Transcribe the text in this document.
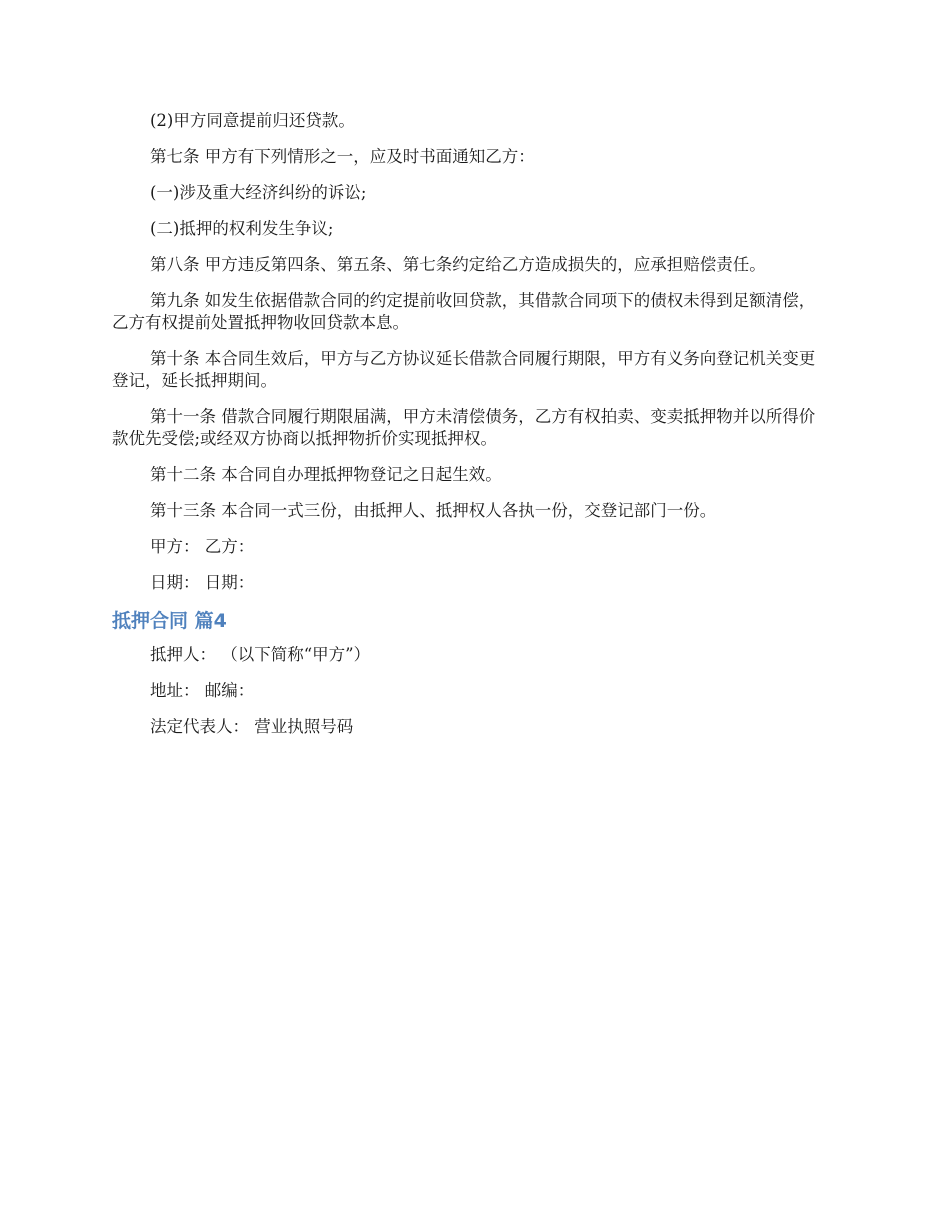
(2)甲方同意提前归还贷款。

第七条 甲方有下列情形之一，应及时书面通知乙方：

(一)涉及重大经济纠纷的诉讼;

(二)抵押的权利发生争议;

第八条 甲方违反第四条、第五条、第七条约定给乙方造成损失的，应承担赔偿责任。

第九条 如发生依据借款合同的约定提前收回贷款，其借款合同项下的债权未得到足额清偿，乙方有权提前处置抵押物收回贷款本息。

第十条 本合同生效后，甲方与乙方协议延长借款合同履行期限，甲方有义务向登记机关变更登记，延长抵押期间。

第十一条 借款合同履行期限届满，甲方未清偿债务，乙方有权拍卖、变卖抵押物并以所得价款优先受偿;或经双方协商以抵押物折价实现抵押权。

第十二条 本合同自办理抵押物登记之日起生效。

第十三条 本合同一式三份，由抵押人、抵押权人各执一份，交登记部门一份。

甲方： 乙方：

日期： 日期：

抵押合同 篇4

抵押人： （以下简称“甲方”）

地址： 邮编：

法定代表人： 营业执照号码
